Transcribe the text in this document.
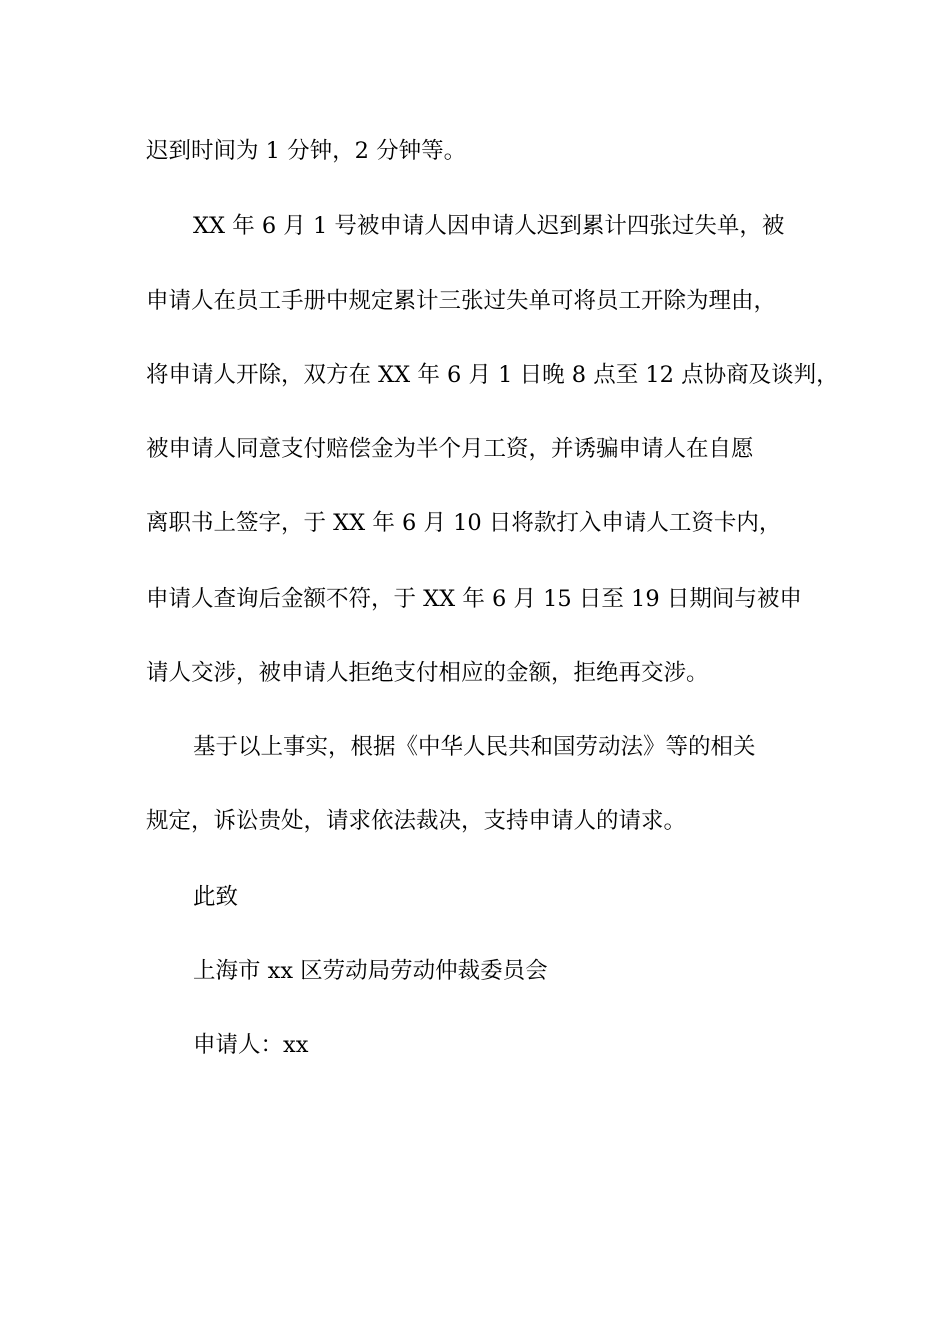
迟到时间为 1 分钟，2 分钟等。
XX 年 6 月 1 号被申请人因申请人迟到累计四张过失单，被
申请人在员工手册中规定累计三张过失单可将员工开除为理由，
将申请人开除，双方在 XX 年 6 月 1 日晚 8 点至 12 点协商及谈判，
被申请人同意支付赔偿金为半个月工资，并诱骗申请人在自愿
离职书上签字，于 XX 年 6 月 10 日将款打入申请人工资卡内，
申请人查询后金额不符，于 XX 年 6 月 15 日至 19 日期间与被申
请人交涉，被申请人拒绝支付相应的金额，拒绝再交涉。
基于以上事实，根据《中华人民共和国劳动法》等的相关
规定，诉讼贵处，请求依法裁决，支持申请人的请求。
此致
上海市 xx 区劳动局劳动仲裁委员会
申请人：xx
